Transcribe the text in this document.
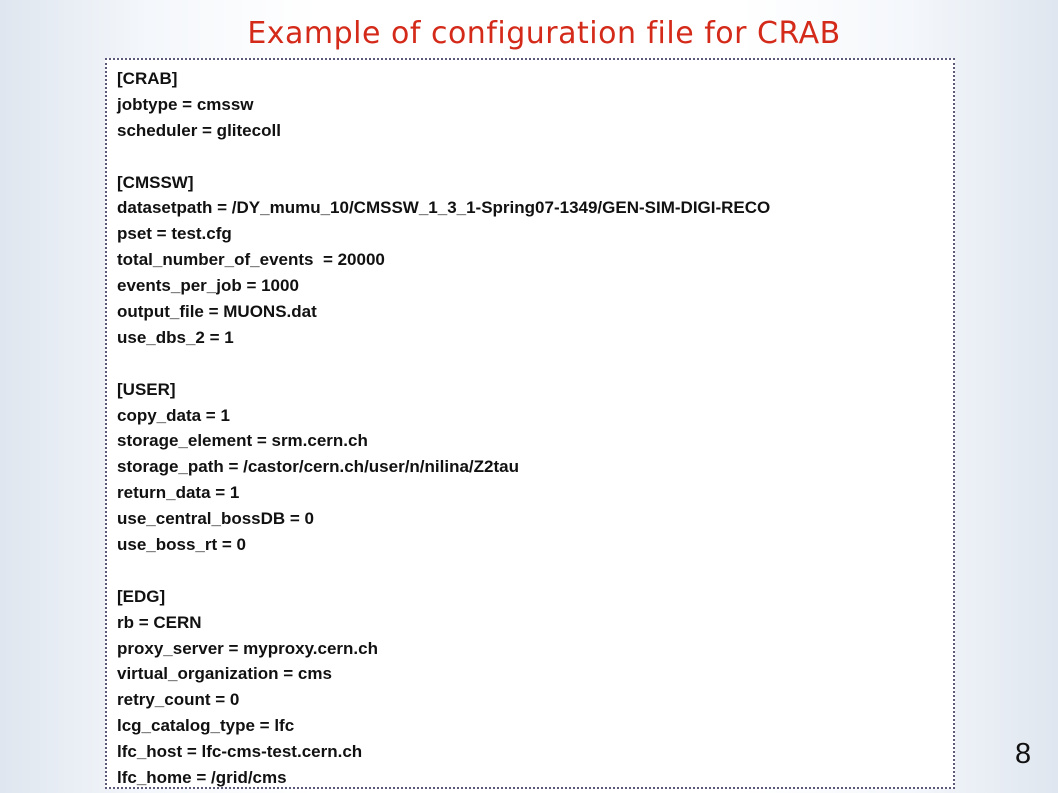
Example of configuration file for CRAB
[CRAB]
jobtype = cmssw
scheduler = glitecoll
[CMSSW]
datasetpath = /DY_mumu_10/CMSSW_1_3_1-Spring07-1349/GEN-SIM-DIGI-RECO
pset = test.cfg
total_number_of_events  = 20000
events_per_job = 1000
output_file = MUONS.dat
use_dbs_2 = 1
[USER]
copy_data = 1
storage_element = srm.cern.ch
storage_path = /castor/cern.ch/user/n/nilina/Z2tau
return_data = 1
use_central_bossDB = 0
use_boss_rt = 0
[EDG]
rb = CERN
proxy_server = myproxy.cern.ch
virtual_organization = cms
retry_count = 0
lcg_catalog_type = lfc
lfc_host = lfc-cms-test.cern.ch
lfc_home = /grid/cms
8
